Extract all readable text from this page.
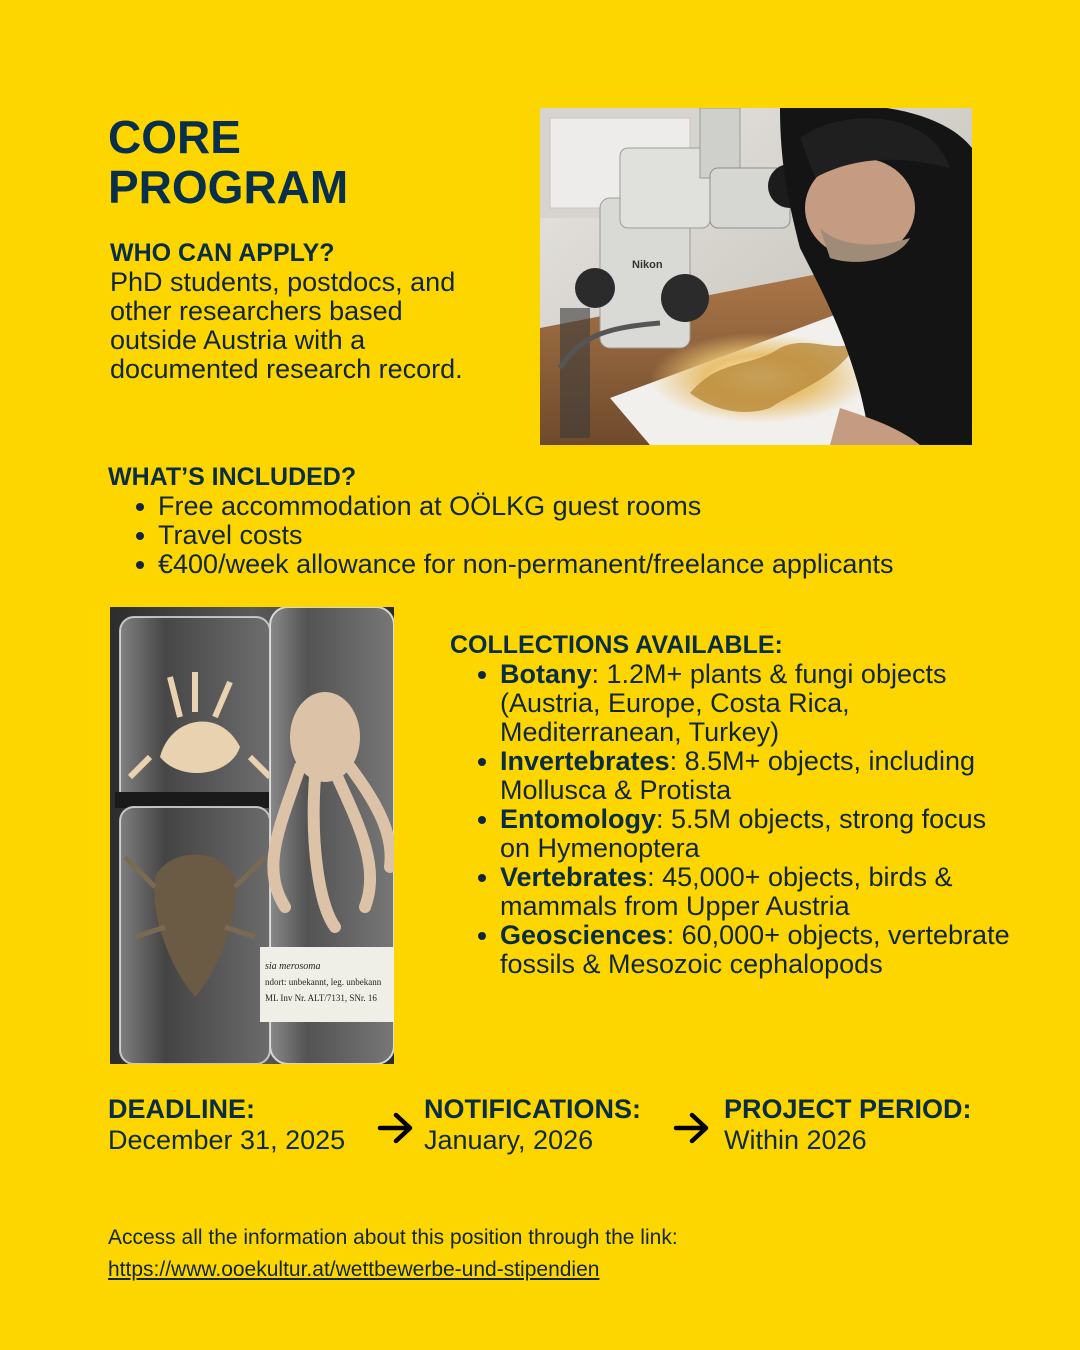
CORE
PROGRAM
WHO CAN APPLY?
PhD students, postdocs, and other researchers based outside Austria with a documented research record.
Nikon
WHAT’S INCLUDED?
Free accommodation at OÖLKG guest rooms
Travel costs
€400/week allowance for non-permanent/freelance applicants
sia merosoma
ndort: unbekannt, leg. unbekann
ML Inv Nr. ALT/7131, SNr. 16
COLLECTIONS AVAILABLE:
Botany: 1.2M+ plants & fungi objects (Austria, Europe, Costa Rica, Mediterranean, Turkey)
Invertebrates: 8.5M+ objects, including Mollusca & Protista
Entomology: 5.5M objects, strong focus on Hymenoptera
Vertebrates: 45,000+ objects, birds & mammals from Upper Austria
Geosciences: 60,000+ objects, vertebrate fossils & Mesozoic cephalopods
DEADLINE:
December 31, 2025
NOTIFICATIONS:
January, 2026
PROJECT PERIOD:
Within 2026
Access all the information about this position through the link:
https://www.ooekultur.at/wettbewerbe-und-stipendien
